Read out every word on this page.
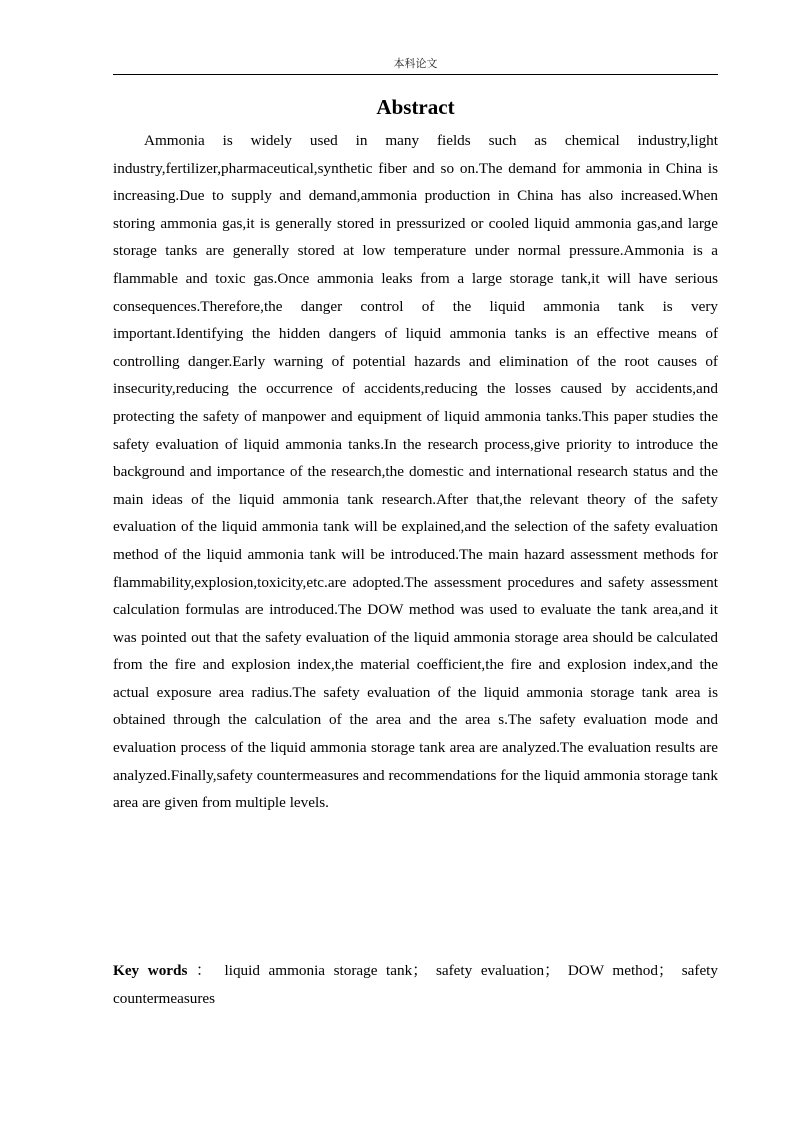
本科论文
Abstract

Ammonia is widely used in many fields such as chemical industry,light industry,fertilizer,pharmaceutical,synthetic fiber and so on.The demand for ammonia in China is increasing.Due to supply and demand,ammonia production in China has also increased.When storing ammonia gas,it is generally stored in pressurized or cooled liquid ammonia gas,and large storage tanks are generally stored at low temperature under normal pressure.Ammonia is a flammable and toxic gas.Once ammonia leaks from a large storage tank,it will have serious consequences.Therefore,the danger control of the liquid ammonia tank is very important.Identifying the hidden dangers of liquid ammonia tanks is an effective means of controlling danger.Early warning of potential hazards and elimination of the root causes of insecurity,reducing the occurrence of accidents,reducing the losses caused by accidents,and protecting the safety of manpower and equipment of liquid ammonia tanks.This paper studies the safety evaluation of liquid ammonia tanks.In the research process,give priority to introduce the background and importance of the research,the domestic and international research status and the main ideas of the liquid ammonia tank research.After that,the relevant theory of the safety evaluation of the liquid ammonia tank will be explained,and the selection of the safety evaluation method of the liquid ammonia tank will be introduced.The main hazard assessment methods for flammability,explosion,toxicity,etc.are adopted.The assessment procedures and safety assessment calculation formulas are introduced.The DOW method was used to evaluate the tank area,and it was pointed out that the safety evaluation of the liquid ammonia storage area should be calculated from the fire and explosion index,the material coefficient,the fire and explosion index,and the actual exposure area radius.The safety evaluation of the liquid ammonia storage tank area is obtained through the calculation of the area and the area s.The safety evaluation mode and evaluation process of the liquid ammonia storage tank area are analyzed.The evaluation results are analyzed.Finally,safety countermeasures and recommendations for the liquid ammonia storage tank area are given from multiple levels.

Key words ： liquid ammonia storage tank； safety evaluation； DOW method； safety countermeasures
